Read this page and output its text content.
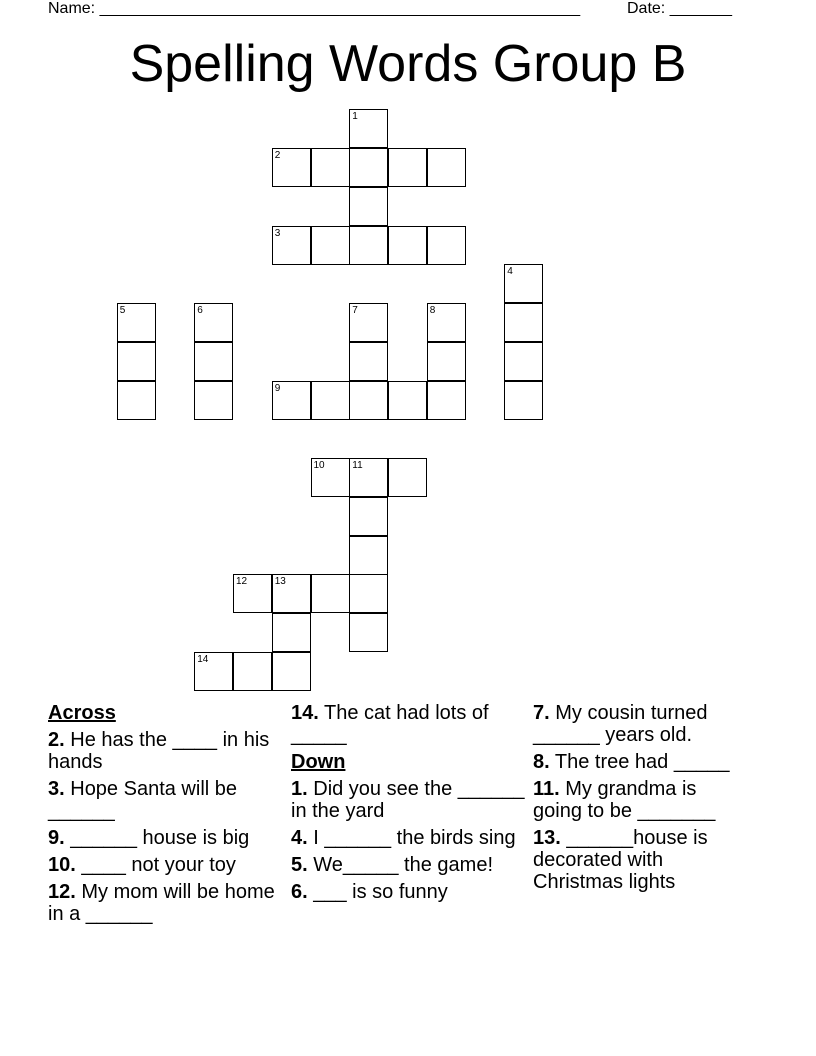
Name: ______________________________________________________	Date: _______
Spelling Words Group B
1
2
3
4
5	6	7	8
9
10	11
12	13
14
Across
2. He has the ____ in his hands
3. Hope Santa will be ______
9. ______ house is big
10. ____ not your toy
12. My mom will be home in a ______
14. The cat had lots of _____
Down
1. Did you see the ______ in the yard
4. I ______ the birds sing
5. We_____ the game!
6. ___ is so funny
7. My cousin turned ______ years old.
8. The tree had _____
11. My grandma is going to be _______
13. ______house is decorated with Christmas lights
